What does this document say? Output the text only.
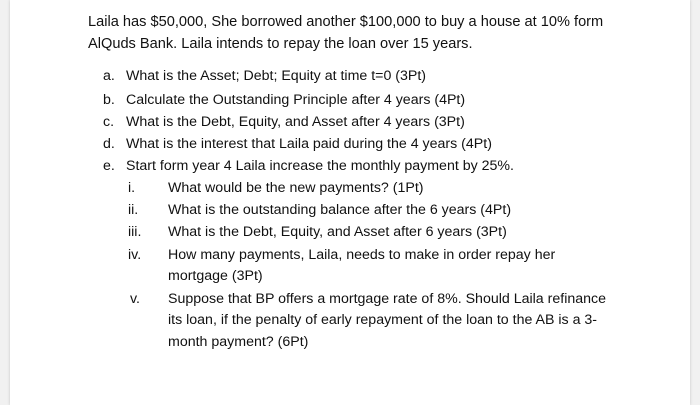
Laila has $50,000, She borrowed another $100,000 to buy a house at 10% form

AlQuds Bank. Laila intends to repay the loan over 15 years.

a. What is the Asset; Debt; Equity at time t=0 (3Pt)
b. Calculate the Outstanding Principle after 4 years (4Pt)
c. What is the Debt, Equity, and Asset after 4 years (3Pt)
d. What is the interest that Laila paid during the 4 years (4Pt)
e. Start form year 4 Laila increase the monthly payment by 25%.
i. What would be the new payments? (1Pt)
ii. What is the outstanding balance after the 6 years (4Pt)
iii. What is the Debt, Equity, and Asset after 6 years (3Pt)
iv. How many payments, Laila, needs to make in order repay her
mortgage (3Pt)
v. Suppose that BP offers a mortgage rate of 8%. Should Laila refinance
its loan, if the penalty of early repayment of the loan to the AB is a 3-
month payment? (6Pt)
